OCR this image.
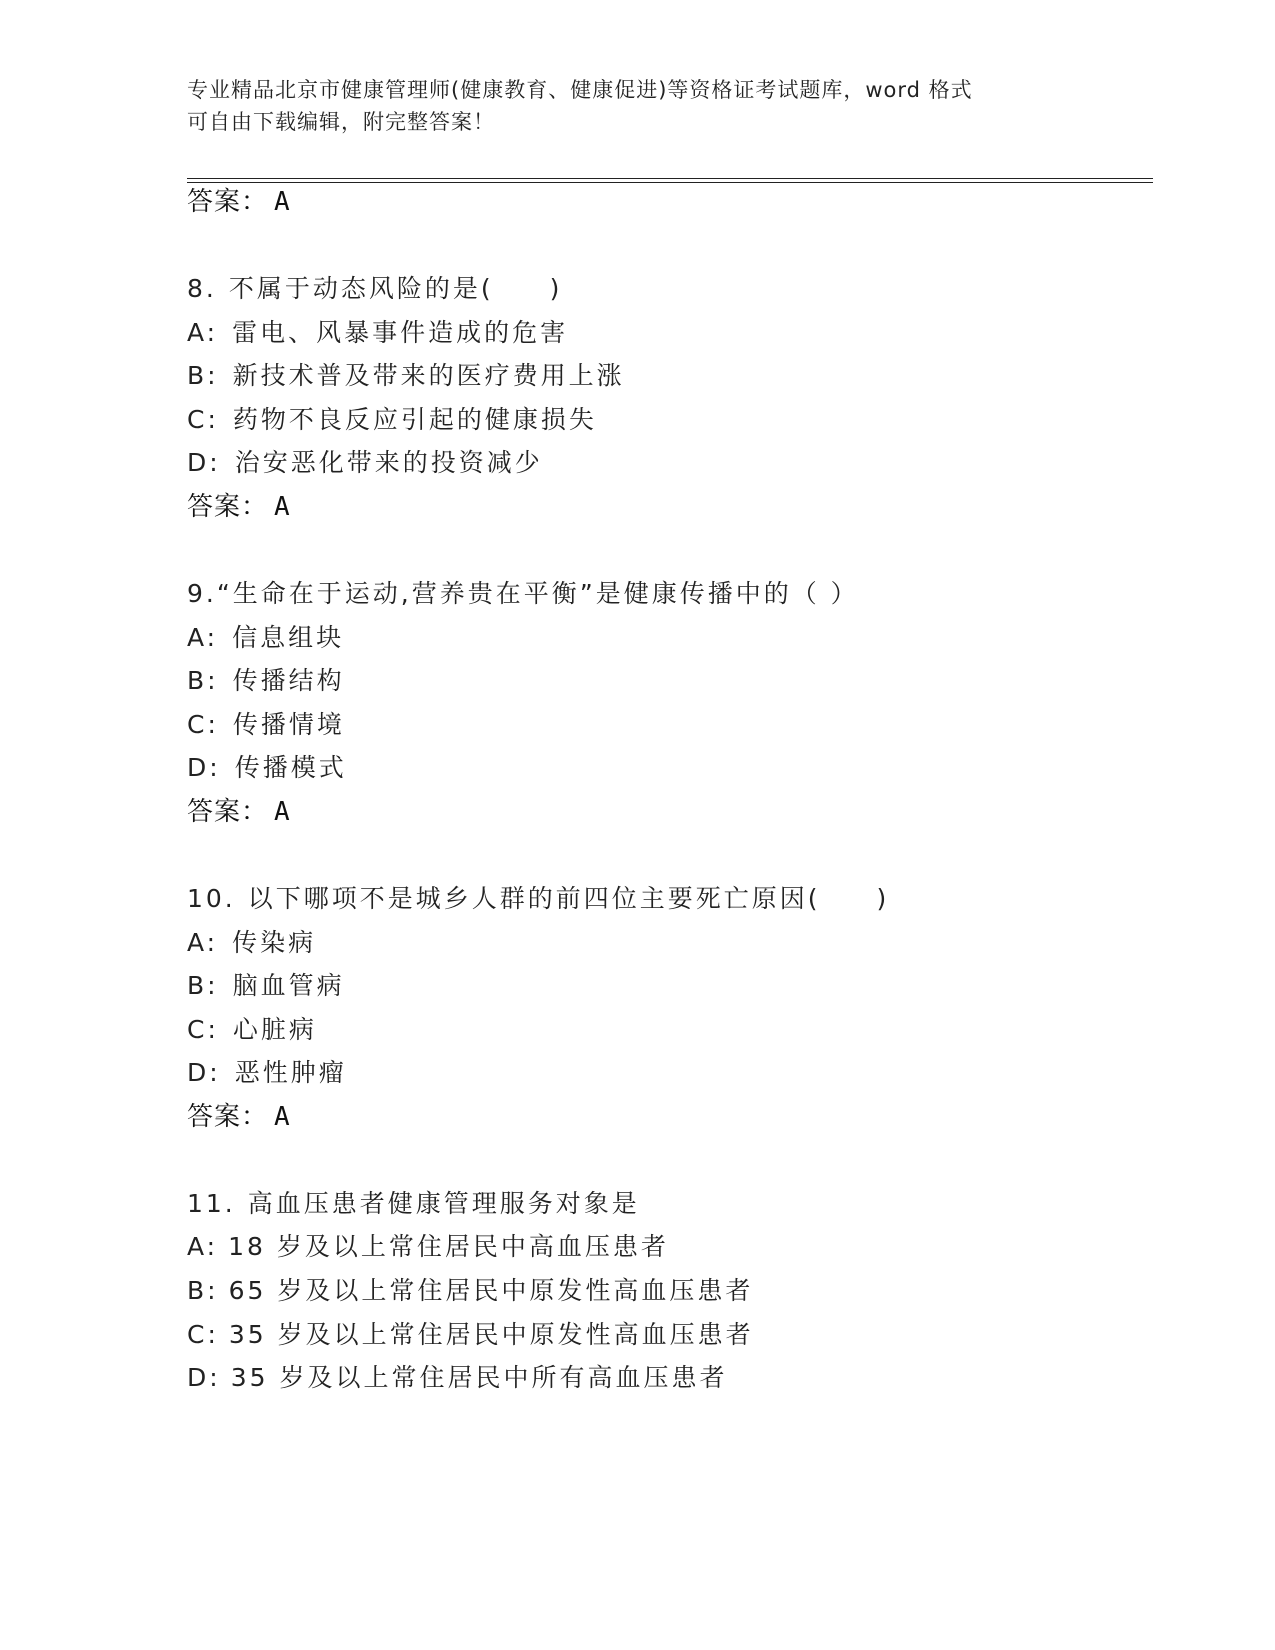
专业精品北京市健康管理师(健康教育、健康促进)等资格证考试题库，word 格式
可自由下载编辑，附完整答案！
答案： A
8. 不属于动态风险的是(　　)
A: 雷电、风暴事件造成的危害
B: 新技术普及带来的医疗费用上涨
C: 药物不良反应引起的健康损失
D: 治安恶化带来的投资减少
答案： A
9.“生命在于运动,营养贵在平衡”是健康传播中的（ ）
A: 信息组块
B: 传播结构
C: 传播情境
D: 传播模式
答案： A
10. 以下哪项不是城乡人群的前四位主要死亡原因(　　)
A: 传染病
B: 脑血管病
C: 心脏病
D: 恶性肿瘤
答案： A
11. 高血压患者健康管理服务对象是
A: 18 岁及以上常住居民中高血压患者
B: 65 岁及以上常住居民中原发性高血压患者
C: 35 岁及以上常住居民中原发性高血压患者
D: 35 岁及以上常住居民中所有高血压患者
